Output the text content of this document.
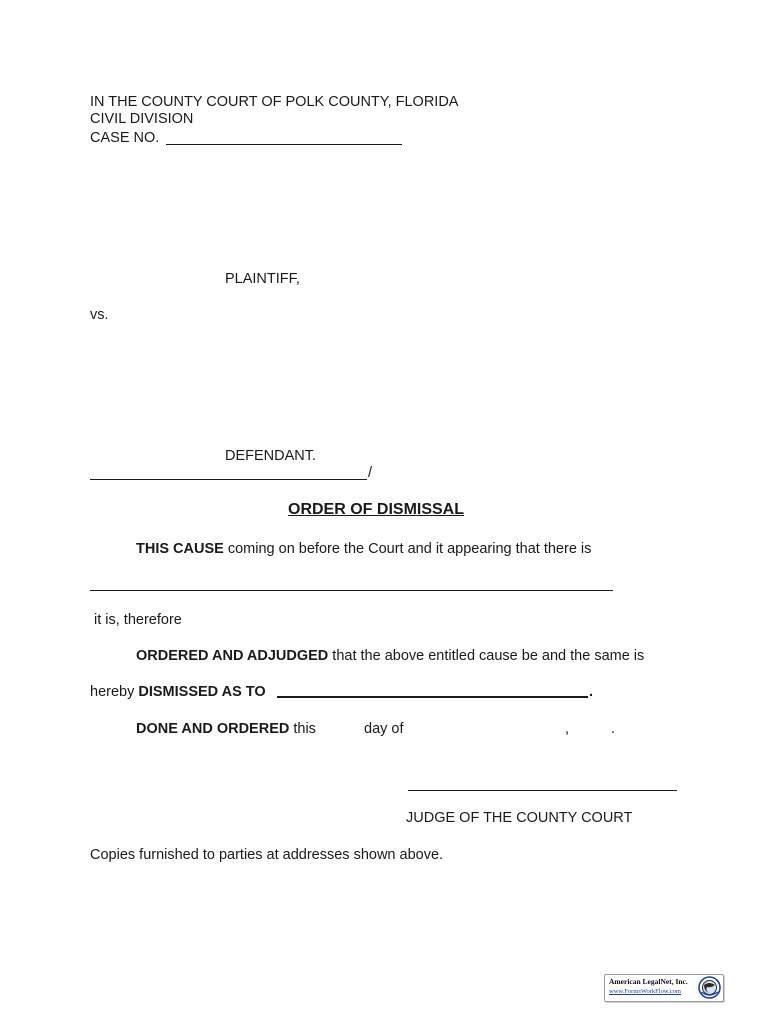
IN THE COUNTY COURT OF POLK COUNTY, FLORIDA
CIVIL DIVISION
CASE NO.
PLAINTIFF,
vs.
DEFENDANT.
/
ORDER OF DISMISSAL
THIS CAUSE coming on before the Court and it appearing that there is
it is, therefore
ORDERED AND ADJUDGED that the above entitled cause be and the same is
hereby DISMISSED AS TO	.
DONE AND ORDERED this	day of	,	.
JUDGE OF THE COUNTY COURT
Copies furnished to parties at addresses shown above.
American LegalNet, Inc.
www.FormsWorkFlow.com
